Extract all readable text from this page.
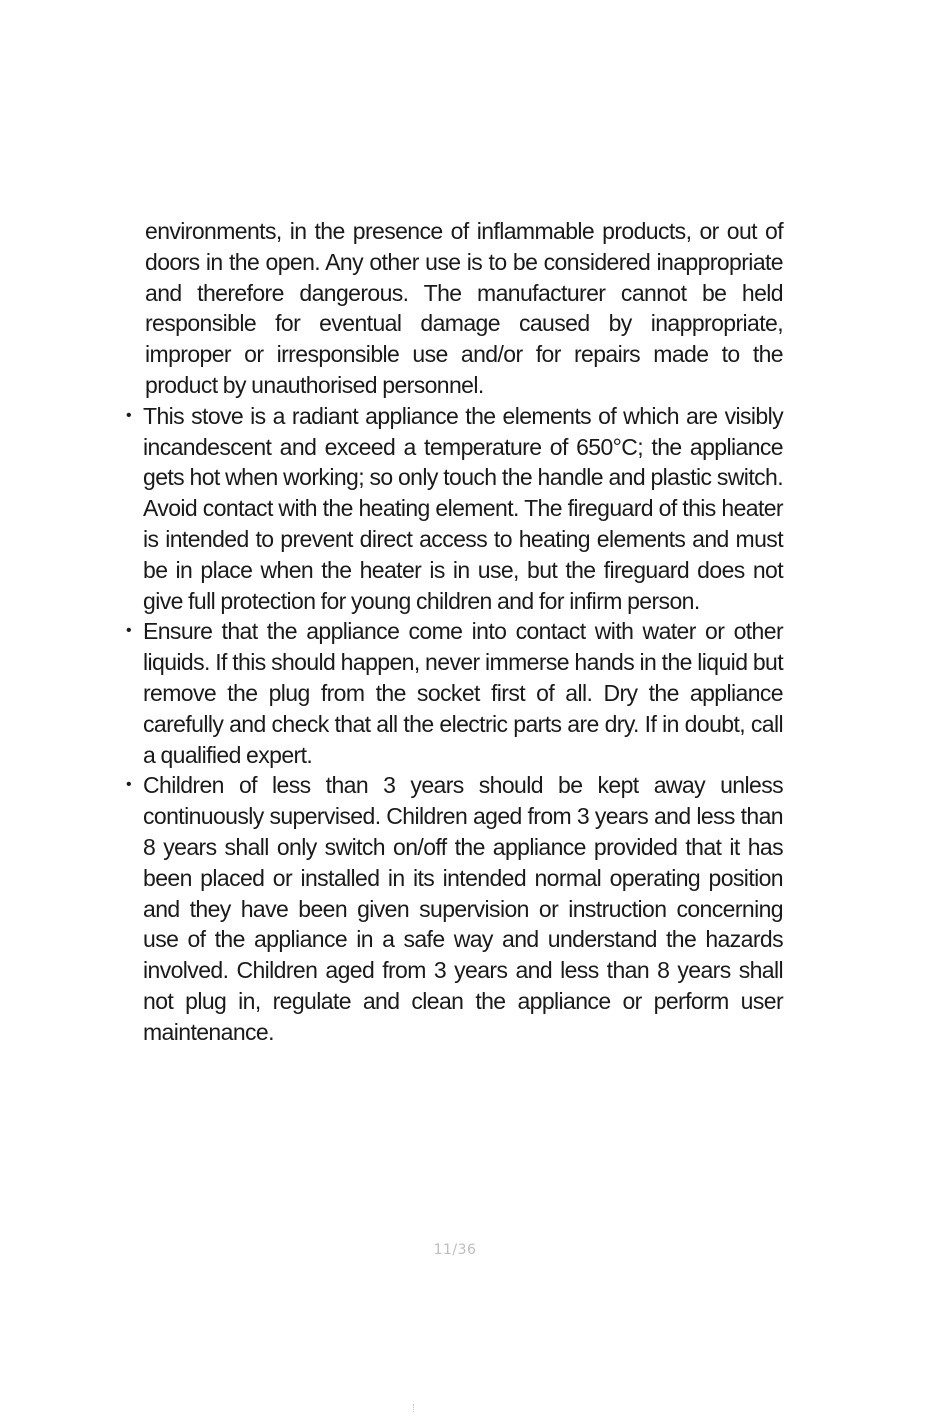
environments, in the presence of inflammable products, or out of doors in the open. Any other use is to be considered inappropriate and therefore dangerous. The manufacturer cannot be held responsible for eventual damage caused by inappropriate, improper or irresponsible use and/or for repairs made to the product by unauthorised personnel.

• This stove is a radiant appliance the elements of which are visibly incandescent and exceed a temperature of 650°C; the appliance gets hot when working; so only touch the handle and plastic switch. Avoid contact with the heating element. The fireguard of this heater is intended to prevent direct access to heating elements and must be in place when the heater is in use, but the fireguard does not give full protection for young children and for infirm person.
• Ensure that the appliance come into contact with water or other liquids. If this should happen, never immerse hands in the liquid but remove the plug from the socket first of all. Dry the appliance carefully and check that all the electric parts are dry. If in doubt, call a qualified expert.
• Children of less than 3 years should be kept away unless continuously supervised. Children aged from 3 years and less than 8 years shall only switch on/off the appliance provided that it has been placed or installed in its intended normal operating position and they have been given supervision or instruction concerning use of the appliance in a safe way and understand the hazards involved. Children aged from 3 years and less than 8 years shall not plug in, regulate and clean the appliance or perform user maintenance.
11/36
